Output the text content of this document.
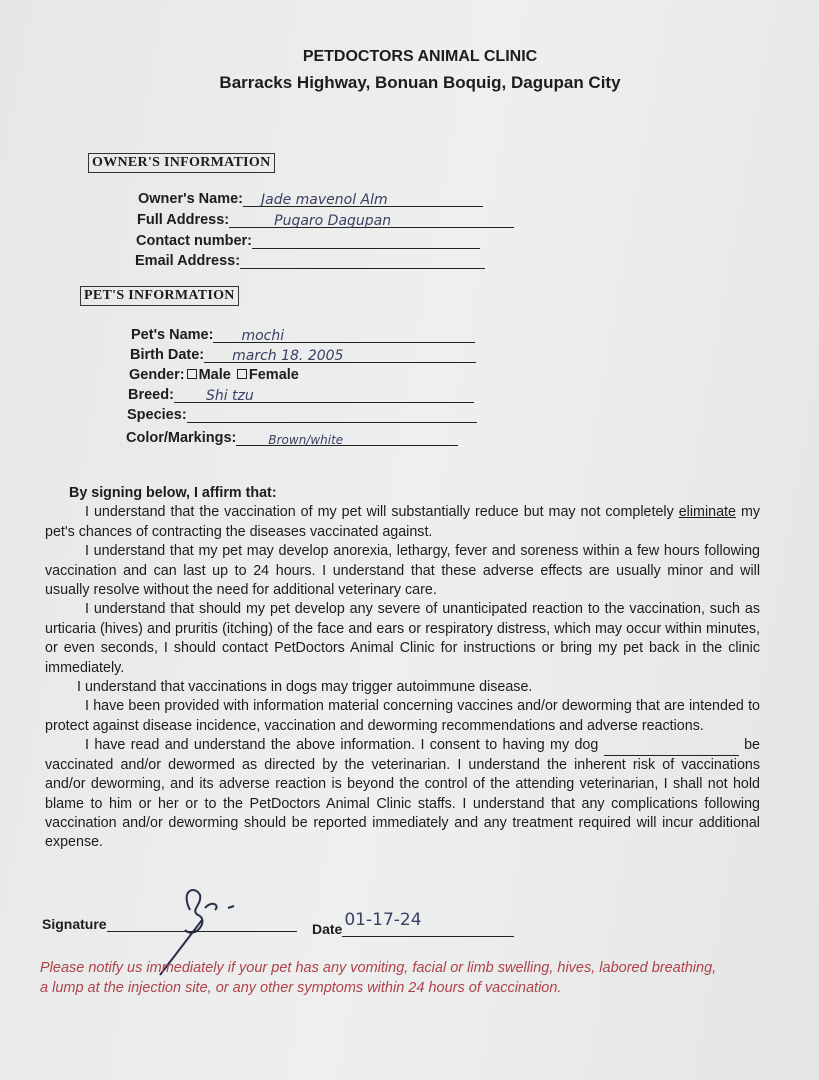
PETDOCTORS ANIMAL CLINIC
Barracks Highway, Bonuan Boquig, Dagupan City
OWNER'S INFORMATION
Owner's Name: Jade mavenol Alm
Full Address:	Pugaro Dagupan
Contact number:
Email Address:
PET'S INFORMATION
Pet's Name: mochi
Birth Date: march 18. 2005
Gender: Male Female
Breed: Shi tzu
Species:
Color/Markings:	Brown/white

By signing below, I affirm that:

I understand that the vaccination of my pet will substantially reduce but may not completely eliminate my pet's chances of contracting the diseases vaccinated against.

I understand that my pet may develop anorexia, lethargy, fever and soreness within a few hours following vaccination and can last up to 24 hours. I understand that these adverse effects are usually minor and will usually resolve without the need for additional veterinary care.

I understand that should my pet develop any severe of unanticipated reaction to the vaccination, such as urticaria (hives) and pruritis (itching) of the face and ears or respiratory distress, which may occur within minutes, or even seconds, I should contact PetDoctors Animal Clinic for instructions or bring my pet back in the clinic immediately.

I understand that vaccinations in dogs may trigger autoimmune disease.

I have been provided with information material concerning vaccines and/or deworming that are intended to protect against disease incidence, vaccination and deworming recommendations and adverse reactions.

I have read and understand the above information. I consent to having my dog	be vaccinated and/or dewormed as directed by the veterinarian. I understand the inherent risk of vaccinations and/or deworming, and its adverse reaction is beyond the control of the attending veterinarian, I shall not hold blame to him or her or to the PetDoctors Animal Clinic staffs. I understand that any complications following vaccination and/or deworming should be reported immediately and any treatment required will incur additional expense.

Signature	Date 01-17-24
Please notify us immediately if your pet has any vomiting, facial or limb swelling, hives, labored breathing, a lump at the injection site, or any other symptoms within 24 hours of vaccination.
